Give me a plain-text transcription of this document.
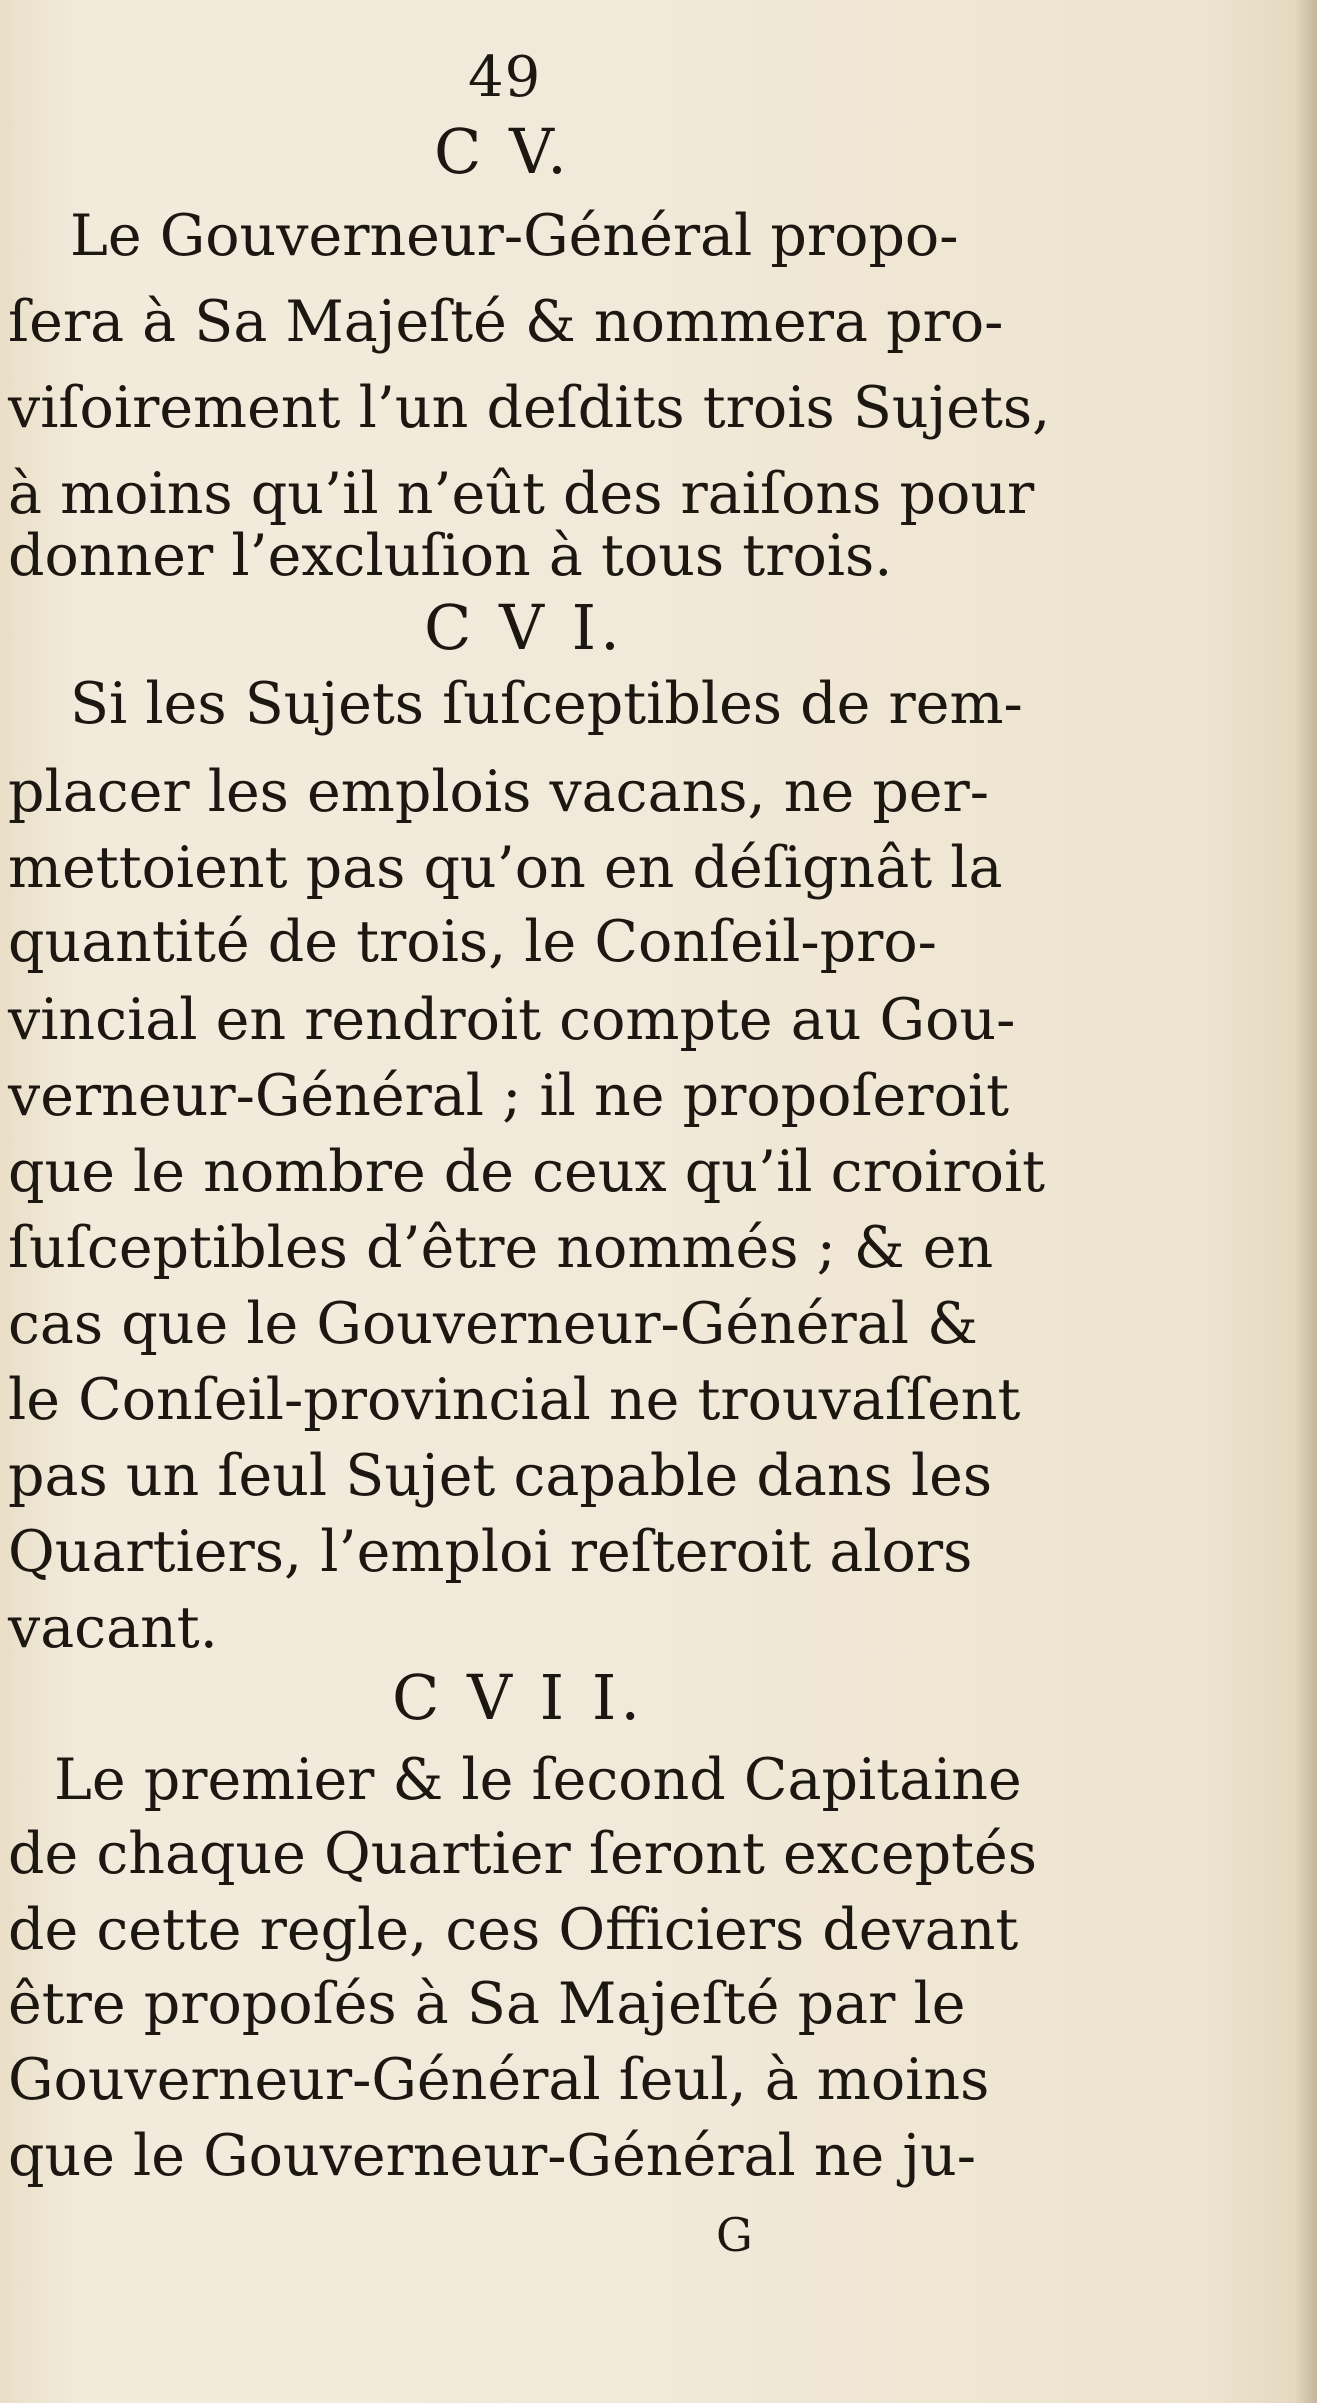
49
C V.
Le Gouverneur-Général propo-
ſera à Sa Majeſté & nommera pro-
viſoirement l’un deſdits trois Sujets,
à moins qu’il n’eût des raiſons pour
donner l’excluſion à tous trois.
C V I.
Si les Sujets ſuſceptibles de rem-
placer les emplois vacans, ne per-
mettoient pas qu’on en déſignât la
quantité de trois, le Conſeil-pro-
vincial en rendroit compte au Gou-
verneur-Général ; il ne propoſeroit
que le nombre de ceux qu’il croiroit
ſuſceptibles d’être nommés ; & en
cas que le Gouverneur-Général &
le Conſeil-provincial ne trouvaſſent
pas un ſeul Sujet capable dans les
Quartiers, l’emploi reſteroit alors
vacant.
C V I I.
Le premier & le ſecond Capitaine
de chaque Quartier ſeront exceptés
de cette regle, ces Officiers devant
être propoſés à Sa Majeſté par le
Gouverneur-Général ſeul, à moins
que le Gouverneur-Général ne ju-
G
